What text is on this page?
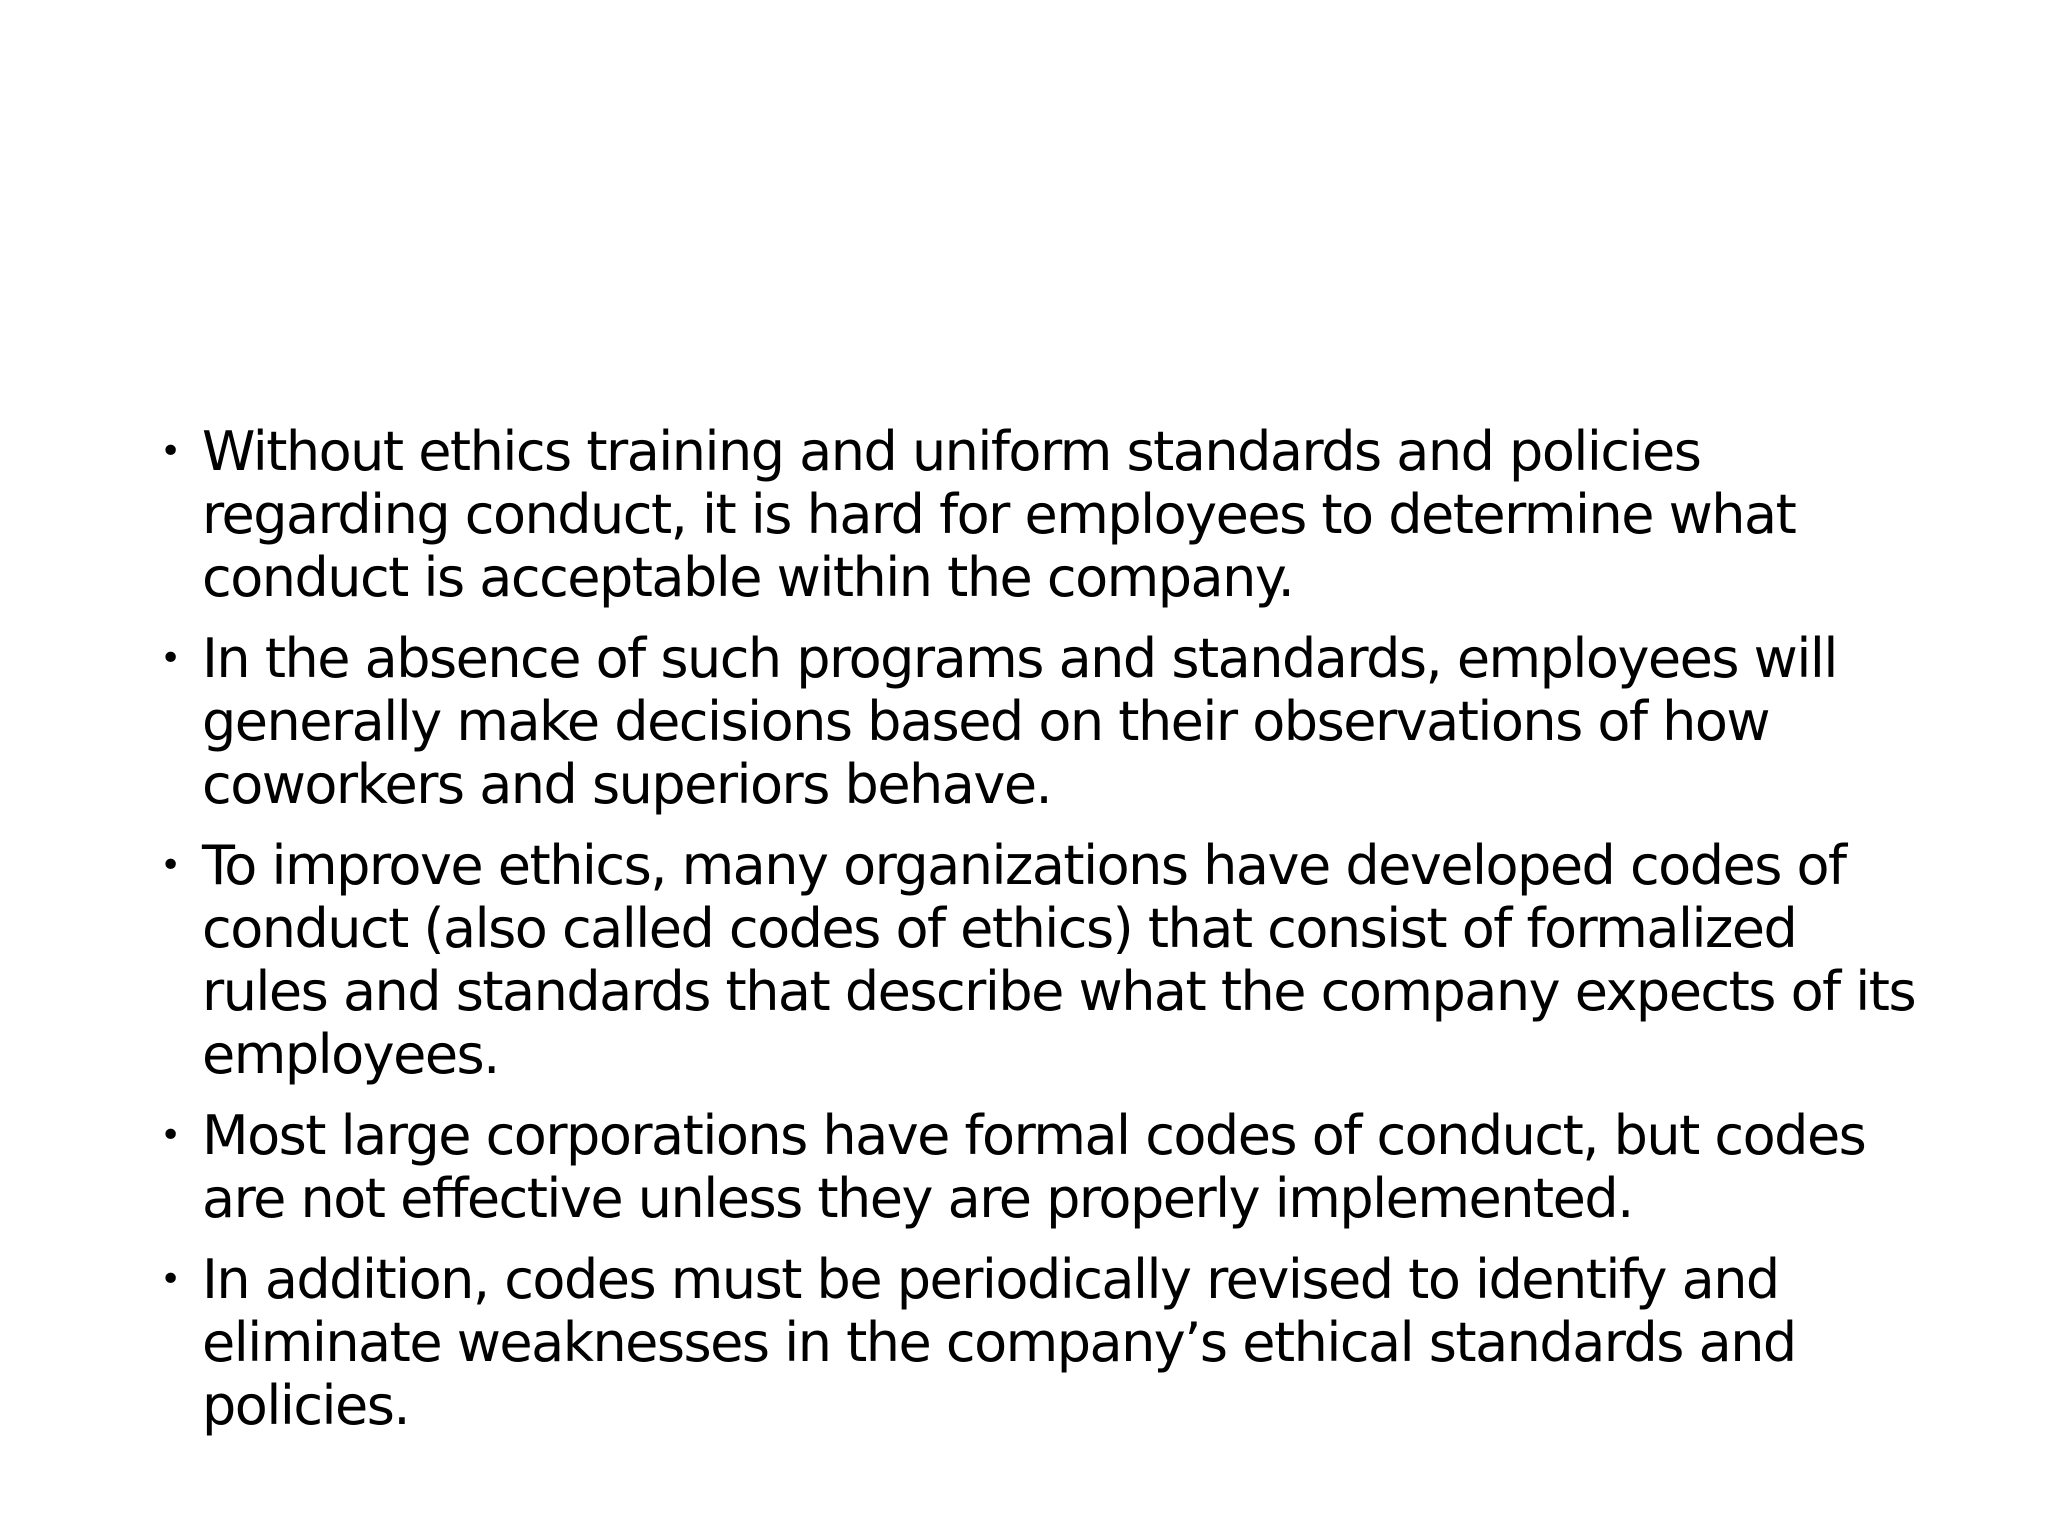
• Without ethics training and uniform standards and policies regarding conduct, it is hard for employees to determine what conduct is acceptable within the company.
• In the absence of such programs and standards, employees will generally make decisions based on their observations of how coworkers and superiors behave.
• To improve ethics, many organizations have developed codes of conduct (also called codes of ethics) that consist of formalized rules and standards that describe what the company expects of its employees.
• Most large corporations have formal codes of conduct, but codes are not effective unless they are properly implemented.
• In addition, codes must be periodically revised to identify and eliminate weaknesses in the company’s ethical standards and policies.
